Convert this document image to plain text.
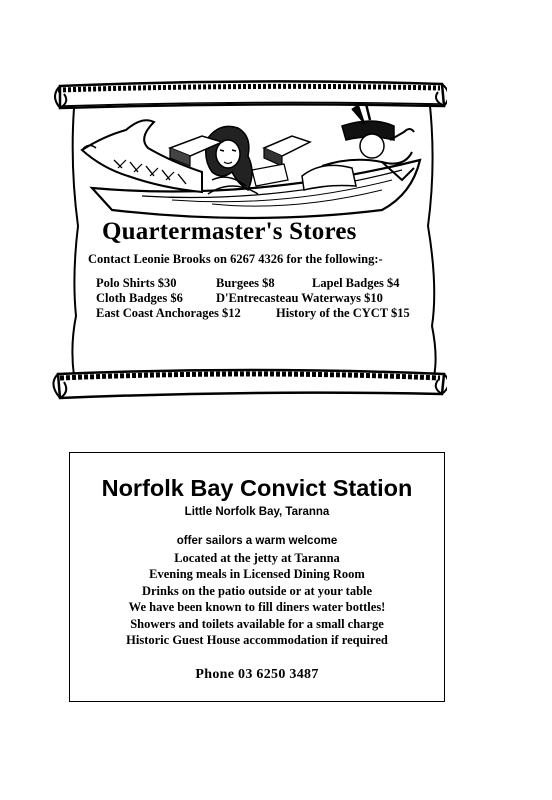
Quartermaster's Stores
Contact Leonie Brooks on 6267 4326 for the following:-
Polo Shirts $30	Burgees $8	Lapel Badges $4
Cloth Badges $6	D'Entrecasteau Waterways $10
East Coast Anchorages $12	History of the CYCT $15
Norfolk Bay Convict Station
Little Norfolk Bay, Taranna
offer sailors a warm welcome
Located at the jetty at Taranna
Evening meals in Licensed Dining Room
Drinks on the patio outside or at your table
We have been known to fill diners water bottles!
Showers and toilets available for a small charge
Historic Guest House accommodation if required
Phone 03 6250 3487
